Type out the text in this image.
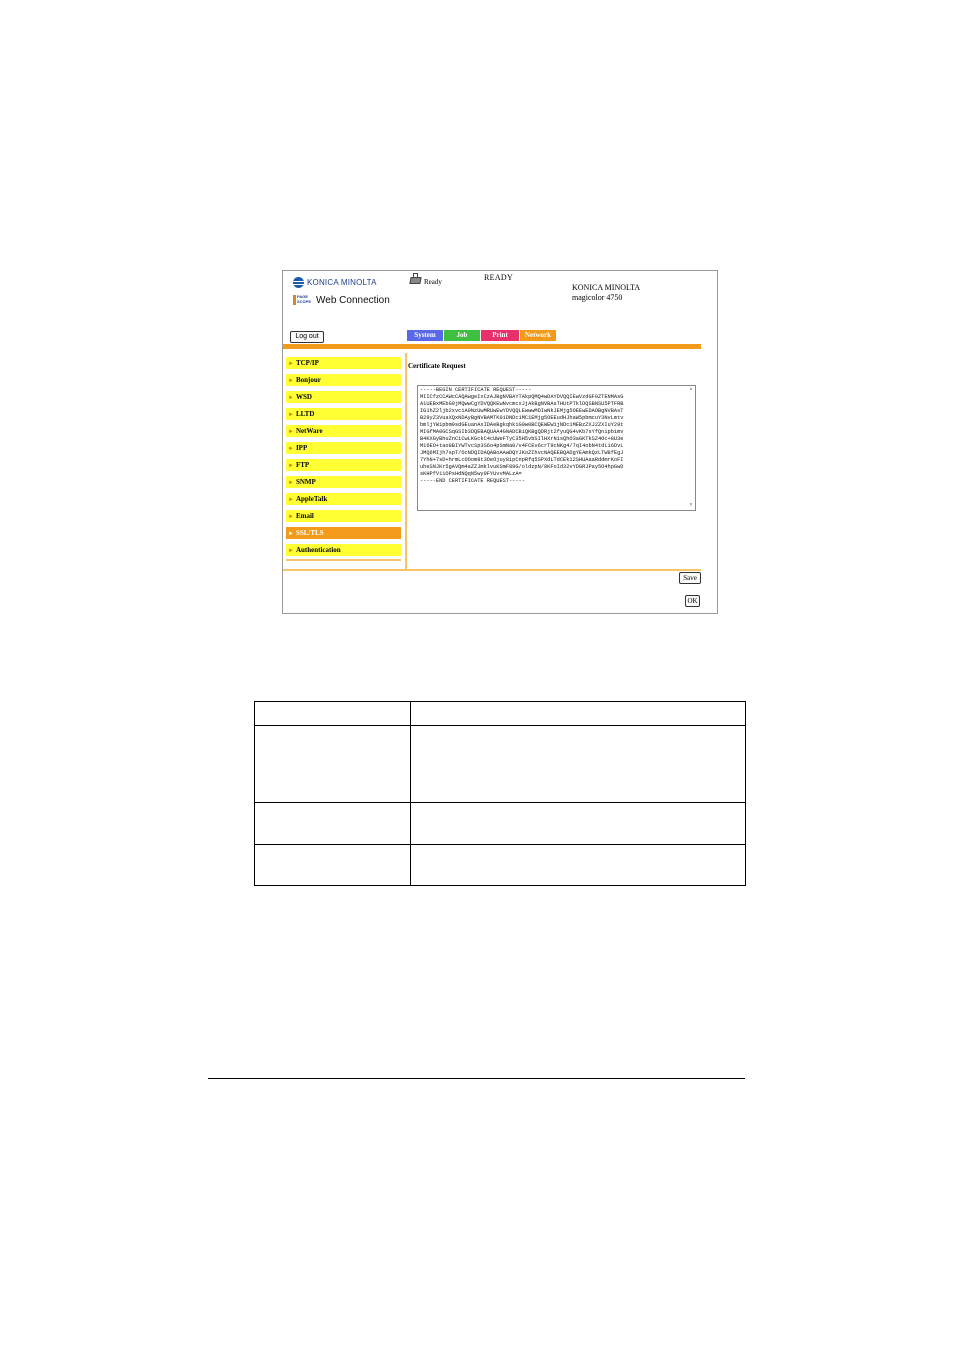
KONICA MINOLTA
PAGE
SCOPE Web Connection
Ready	READY
KONICA MINOLTA
magicolor 4750
Log out	System	Job	Print	Network
► TCP/IP
► Bonjour
► WSD
► LLTD
► NetWare
► IPP
► FTP
► SNMP
► AppleTalk
► Email
► SSL/TLS
► Authentication
Certificate Request
-----BEGIN CERTIFICATE REQUEST-----
MIICfzCCAWcCAQAwgeIxCzAJBgNVBAYTAkpQMQ4wDAYDVQQIEwVzdGF0ZTENMAsG
A1UEBxMEbG9jMQwwCgYDVQQKEwNvcmcxJjAkBgNVBAsTHUtPTklDQSBNSU5PTFRB
IG1hZ2ljb2xvciA0NzUwMRUwEwYDVQQLEwwwMDIwNkJEMjg5OEEwEDAOBgNVBAsT
B29yZ3VuaXQxNDAyBgNVBAMTK01DNDc1MC1EMjg5OEEudHJhaW5pbmcuY3NvLmtv
bmljYW1pbm9sdGEuanAxIDAeBgkqhkiG9w0BCQEWEW1jNDc1MEBzZXJ2ZXIuY29t
MIGfMA0GCSqGSIb3DQEBAQUAA4GNADCBiQKBgQDRjt2fyuQG4vKb7sYfQnipbimv
B4KXGyBhuZnCiCwLKGckC4cUWeFTyC35H5vbSIlHXrN1sQhO3aGKTkSZ4Oc+8U3e
M16EO+tao8BIYWTvcSp3S6o4pSmNa0/v4FCEv6crT9cNKg4/7qI4obN4tdL16DvL
JMQ6MIjh7spT/OcNDQIDAQABoAAwDQYJKoZIhvcNAQEEBQADgYEAmkQzLTW8fEgJ
7YhN+7sD+hrmLcOOom8t3OeOjuy8ipCnpRfq5SPXdLTdCEk12SHUAaaRddmrKoFI
uheSNJKr5gAVQm4aZZJmklvuKSmF89G/oldzpN/8KFoId32vYDGRJPay5O4hpGwD
sKHPfV11OPsHdNQqN5wy9FYUvvMALzA=
-----END CERTIFICATE REQUEST-----
▲
▼
Save
OK
